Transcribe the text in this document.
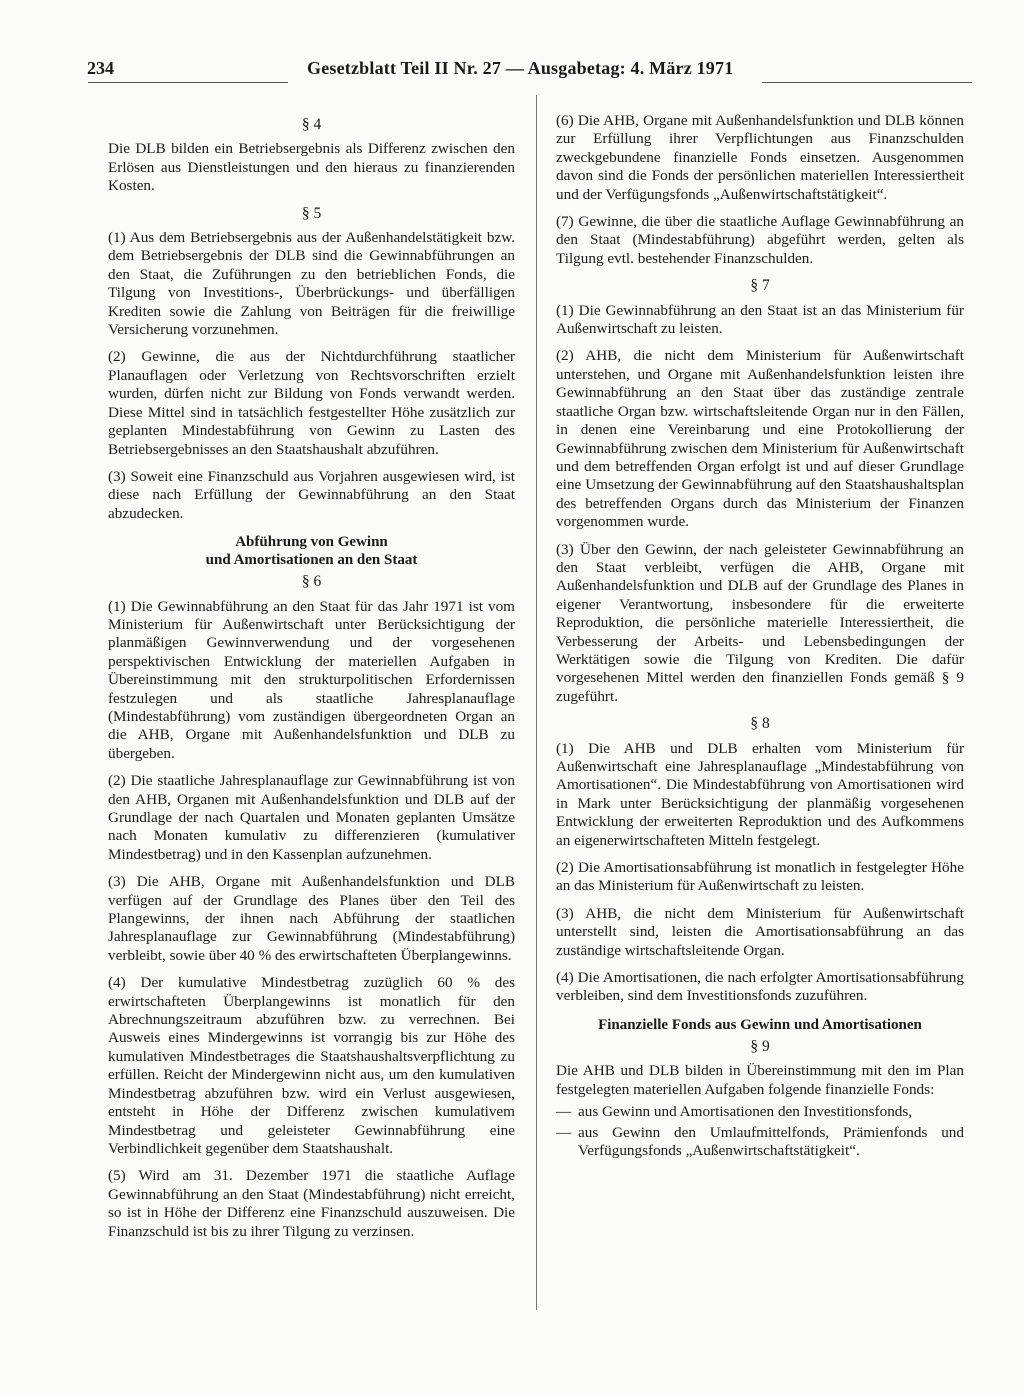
234	Gesetzblatt Teil II Nr. 27 — Ausgabetag: 4. März 1971
§ 4

Die DLB bilden ein Betriebsergebnis als Differenz zwischen den Erlösen aus Dienstleistungen und den hieraus zu finanzierenden Kosten.

§ 5

(1) Aus dem Betriebsergebnis aus der Außenhandelstätigkeit bzw. dem Betriebsergebnis der DLB sind die Gewinnabführungen an den Staat, die Zuführungen zu den betrieblichen Fonds, die Tilgung von Investitions-, Überbrückungs- und überfälligen Krediten sowie die Zahlung von Beiträgen für die freiwillige Versicherung vorzunehmen.

(2) Gewinne, die aus der Nichtdurchführung staatlicher Planauflagen oder Verletzung von Rechtsvorschriften erzielt wurden, dürfen nicht zur Bildung von Fonds verwandt werden. Diese Mittel sind in tatsächlich festgestellter Höhe zusätzlich zur geplanten Mindestabführung von Gewinn zu Lasten des Betriebsergebnisses an den Staatshaushalt abzuführen.

(3) Soweit eine Finanzschuld aus Vorjahren ausgewiesen wird, ist diese nach Erfüllung der Gewinnabführung an den Staat abzudecken.

Abführung von Gewinn
und Amortisationen an den Staat
§ 6

(1) Die Gewinnabführung an den Staat für das Jahr 1971 ist vom Ministerium für Außenwirtschaft unter Berücksichtigung der planmäßigen Gewinnverwendung und der vorgesehenen perspektivischen Entwicklung der materiellen Aufgaben in Übereinstimmung mit den strukturpolitischen Erfordernissen festzulegen und als staatliche Jahresplanauflage (Mindestabführung) vom zuständigen übergeordneten Organ an die AHB, Organe mit Außenhandelsfunktion und DLB zu übergeben.

(2) Die staatliche Jahresplanauflage zur Gewinnabführung ist von den AHB, Organen mit Außenhandelsfunktion und DLB auf der Grundlage der nach Quartalen und Monaten geplanten Umsätze nach Monaten kumulativ zu differenzieren (kumulativer Mindestbetrag) und in den Kassenplan aufzunehmen.

(3) Die AHB, Organe mit Außenhandelsfunktion und DLB verfügen auf der Grundlage des Planes über den Teil des Plangewinns, der ihnen nach Abführung der staatlichen Jahresplanauflage zur Gewinnabführung (Mindestabführung) verbleibt, sowie über 40 % des erwirtschafteten Überplangewinns.

(4) Der kumulative Mindestbetrag zuzüglich 60 % des erwirtschafteten Überplangewinns ist monatlich für den Abrechnungszeitraum abzuführen bzw. zu verrechnen. Bei Ausweis eines Mindergewinns ist vorrangig bis zur Höhe des kumulativen Mindestbetrages die Staatshaushaltsverpflichtung zu erfüllen. Reicht der Mindergewinn nicht aus, um den kumulativen Mindestbetrag abzuführen bzw. wird ein Verlust ausgewiesen, entsteht in Höhe der Differenz zwischen kumulativem Mindestbetrag und geleisteter Gewinnabführung eine Verbindlichkeit gegenüber dem Staatshaushalt.

(5) Wird am 31. Dezember 1971 die staatliche Auflage Gewinnabführung an den Staat (Mindestabführung) nicht erreicht, so ist in Höhe der Differenz eine Finanzschuld auszuweisen. Die Finanzschuld ist bis zu ihrer Tilgung zu verzinsen.

(6) Die AHB, Organe mit Außenhandelsfunktion und DLB können zur Erfüllung ihrer Verpflichtungen aus Finanzschulden zweckgebundene finanzielle Fonds einsetzen. Ausgenommen davon sind die Fonds der persönlichen materiellen Interessiertheit und der Verfügungsfonds „Außenwirtschaftstätigkeit“.

(7) Gewinne, die über die staatliche Auflage Gewinnabführung an den Staat (Mindestabführung) abgeführt werden, gelten als Tilgung evtl. bestehender Finanzschulden.

§ 7

(1) Die Gewinnabführung an den Staat ist an das Ministerium für Außenwirtschaft zu leisten.

(2) AHB, die nicht dem Ministerium für Außenwirtschaft unterstehen, und Organe mit Außenhandelsfunktion leisten ihre Gewinnabführung an den Staat über das zuständige zentrale staatliche Organ bzw. wirtschaftsleitende Organ nur in den Fällen, in denen eine Vereinbarung und eine Protokollierung der Gewinnabführung zwischen dem Ministerium für Außenwirtschaft und dem betreffenden Organ erfolgt ist und auf dieser Grundlage eine Umsetzung der Gewinnabführung auf den Staatshaushaltsplan des betreffenden Organs durch das Ministerium der Finanzen vorgenommen wurde.

(3) Über den Gewinn, der nach geleisteter Gewinnabführung an den Staat verbleibt, verfügen die AHB, Organe mit Außenhandelsfunktion und DLB auf der Grundlage des Planes in eigener Verantwortung, insbesondere für die erweiterte Reproduktion, die persönliche materielle Interessiertheit, die Verbesserung der Arbeits- und Lebensbedingungen der Werktätigen sowie die Tilgung von Krediten. Die dafür vorgesehenen Mittel werden den finanziellen Fonds gemäß § 9 zugeführt.

§ 8

(1) Die AHB und DLB erhalten vom Ministerium für Außenwirtschaft eine Jahresplanauflage „Mindestabführung von Amortisationen“. Die Mindestabführung von Amortisationen wird in Mark unter Berücksichtigung der planmäßig vorgesehenen Entwicklung der erweiterten Reproduktion und des Aufkommens an eigenerwirtschafteten Mitteln festgelegt.

(2) Die Amortisationsabführung ist monatlich in festgelegter Höhe an das Ministerium für Außenwirtschaft zu leisten.

(3) AHB, die nicht dem Ministerium für Außenwirtschaft unterstellt sind, leisten die Amortisationsabführung an das zuständige wirtschaftsleitende Organ.

(4) Die Amortisationen, die nach erfolgter Amortisationsabführung verbleiben, sind dem Investitionsfonds zuzuführen.

Finanzielle Fonds aus Gewinn und Amortisationen
§ 9

Die AHB und DLB bilden in Übereinstimmung mit den im Plan festgelegten materiellen Aufgaben folgende finanzielle Fonds:

— aus Gewinn und Amortisationen den Investitionsfonds,
— aus Gewinn den Umlaufmittelfonds, Prämienfonds und Verfügungsfonds „Außenwirtschaftstätigkeit“.
